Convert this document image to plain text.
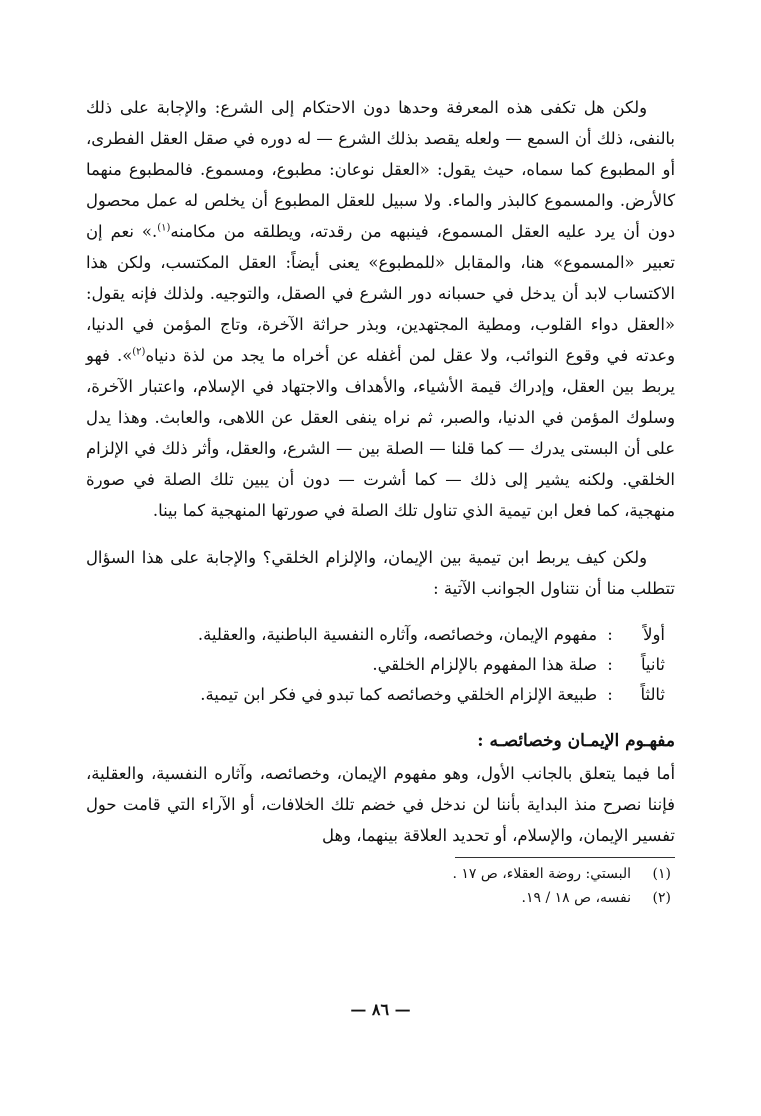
ولكن هل تكفى هذه المعرفة وحدها دون الاحتكام إلى الشرع: والإجابة على ذلك بالنفى، ذلك أن السمع — ولعله يقصد بذلك الشرع — له دوره في صقل العقل الفطرى، أو المطبوع كما سماه، حيث يقول: «العقل نوعان: مطبوع، ومسموع. فالمطبوع منهما كالأرض. والمسموع كالبذر والماء. ولا سبيل للعقل المطبوع أن يخلص له عمل محصول دون أن يرد عليه العقل المسموع، فينبهه من رقدته، ويطلقه من مكامنه$^{(١)}$.» نعم إن تعبير «المسموع» هنا، والمقابل «للمطبوع» يعنى أيضاً: العقل المكتسب، ولكن هذا الاكتساب لابد أن يدخل في حسبانه دور الشرع في الصقل، والتوجيه. ولذلك فإنه يقول: «العقل دواء القلوب، ومطية المجتهدين، وبذر حراثة الآخرة، وتاج المؤمن في الدنيا، وعدته في وقوع النوائب، ولا عقل لمن أغفله عن أخراه ما يجد من لذة دنياه$^{(٢)}$». فهو يربط بين العقل، وإدراك قيمة الأشياء، والأهداف والاجتهاد في الإسلام، واعتبار الآخرة، وسلوك المؤمن في الدنيا، والصبر، ثم نراه ينفى العقل عن اللاهى، والعابث. وهذا يدل على أن البستى يدرك — كما قلنا — الصلة بين — الشرع، والعقل، وأثر ذلك في الإلزام الخلقي. ولكنه يشير إلى ذلك — كما أشرت — دون أن يبين تلك الصلة في صورة منهجية، كما فعل ابن تيمية الذي تناول تلك الصلة في صورتها المنهجية كما بينا.

ولكن كيف يربط ابن تيمية بين الإيمان، والإلزام الخلقي؟ والإجابة على هذا السؤال تتطلب منا أن نتناول الجوانب الآتية :

أولاً
:
مفهوم الإيمان، وخصائصه، وآثاره النفسية الباطنية، والعقلية.
ثانياً
:
صلة هذا المفهوم بالإلزام الخلقي.
ثالثاً
:
طبيعة الإلزام الخلقي وخصائصه كما تبدو في فكر ابن تيمية.
مفهـوم الإيمـان وخصائصـه :

أما فيما يتعلق بالجانب الأول، وهو مفهوم الإيمان، وخصائصه، وآثاره النفسية، والعقلية، فإننا نصرح منذ البداية بأننا لن ندخل في خضم تلك الخلافات، أو الآراء التي قامت حول تفسير الإيمان، والإسلام، أو تحديد العلاقة بينهما، وهل

(١)
البستي: روضة العقلاء، ص ١٧ .
(٢)
نفسه، ص ١٨ / ١٩.
— ٨٦ —
